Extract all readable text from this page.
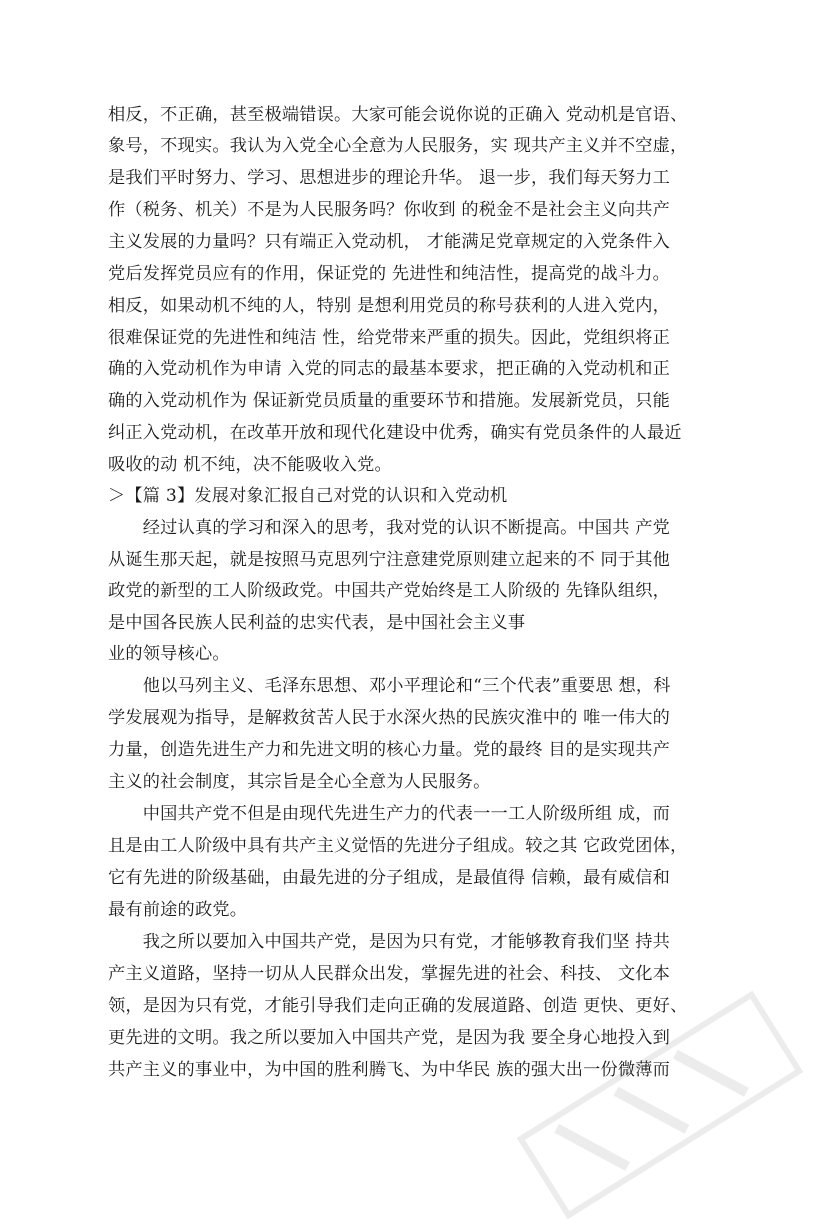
相反，不正确，甚至极端错误。大家可能会说你说的正确入 党动机是官语、
象号，不现实。我认为入党全心全意为人民服务，实 现共产主义并不空虚，
是我们平时努力、学习、思想进步的理论升华。 退一步，我们每天努力工
作（税务、机关）不是为人民服务吗？你收到 的税金不是社会主义向共产
主义发展的力量吗？只有端正入党动机， 才能满足党章规定的入党条件入
党后发挥党员应有的作用，保证党的 先进性和纯洁性，提高党的战斗力。
相反，如果动机不纯的人，特别 是想利用党员的称号获利的人进入党内，
很难保证党的先进性和纯洁 性，给党带来严重的损失。因此，党组织将正
确的入党动机作为申请 入党的同志的最基本要求，把正确的入党动机和正
确的入党动机作为 保证新党员质量的重要环节和措施。发展新党员，只能
纠正入党动机，在改革开放和现代化建设中优秀，确实有党员条件的人最近
吸收的动 机不纯，决不能吸收入党。
＞【篇 3】发展对象汇报自己对党的认识和入党动机
　　经过认真的学习和深入的思考，我对党的认识不断提高。中国共 产党
从诞生那天起，就是按照马克思列宁注意建党原则建立起来的不 同于其他
政党的新型的工人阶级政党。中国共产党始终是工人阶级的 先锋队组织，
是中国各民族人民利益的忠实代表，是中国社会主义事
业的领导核心。
　　他以马列主义、毛泽东思想、邓小平理论和“三个代表”重要思 想，科
学发展观为指导，是解救贫苦人民于水深火热的民族灾淮中的 唯一伟大的
力量，创造先进生产力和先进文明的核心力量。党的最终 目的是实现共产
主义的社会制度，其宗旨是全心全意为人民服务。
　　中国共产党不但是由现代先进生产力的代表一一工人阶级所组 成，而
且是由工人阶级中具有共产主义觉悟的先进分子组成。较之其 它政党团体，
它有先进的阶级基础，由最先进的分子组成，是最值得 信赖，最有威信和
最有前途的政党。
　　我之所以要加入中国共产党，是因为只有党，才能够教育我们坚 持共
产主义道路，坚持一切从人民群众出发，掌握先进的社会、科技、 文化本
领，是因为只有党，才能引导我们走向正确的发展道路、创造 更快、更好、
更先进的文明。我之所以要加入中国共产党，是因为我 要全身心地投入到
共产主义的事业中，为中国的胜利腾飞、为中华民 族的强大出一份微薄而
